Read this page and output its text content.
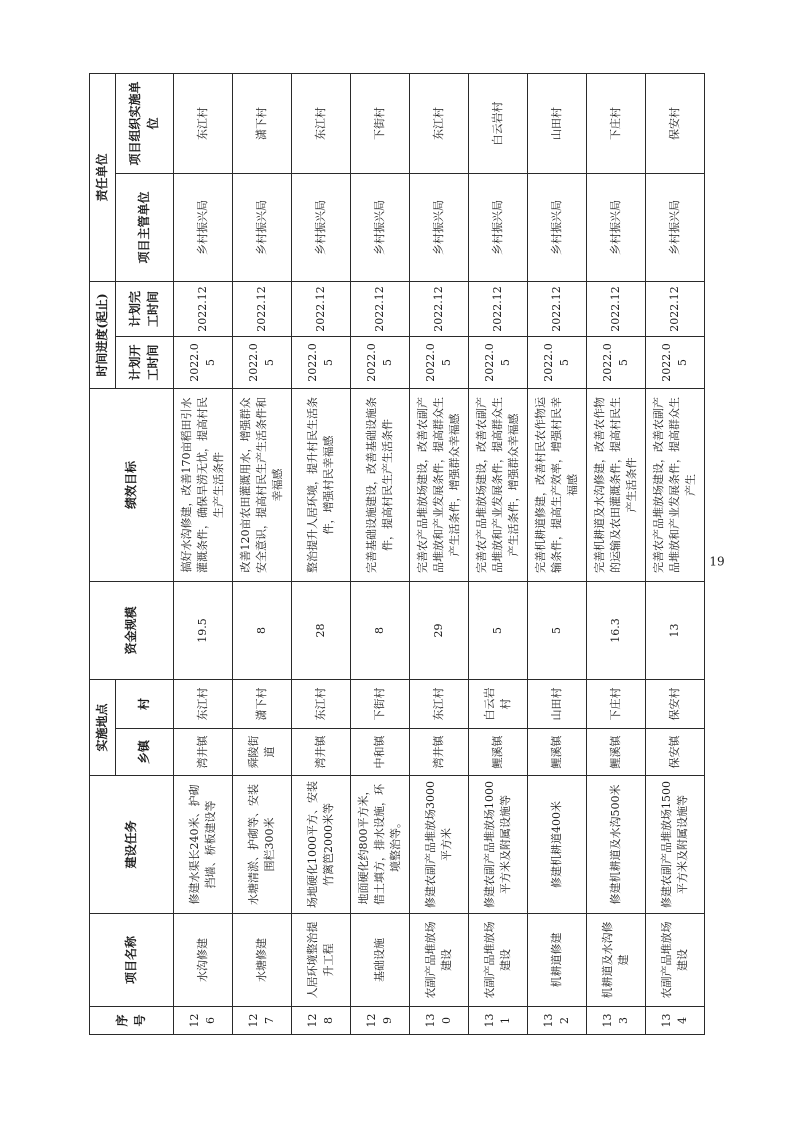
序号	项目名称	建设任务	实施地点		资金规模	绩效目标	时间进度(起止)		责任单位	
			乡镇	村			计划开工时间	计划完工时间	项目主管单位	项目组织实施单位
126	水沟修建	修建水渠长240米、护砌挡墙、桥板建设等	湾井镇	东江村	19.5	搞好水沟修建，改善170亩稻田引水灌溉条件，确保旱涝无忧，提高村民生产生活条件	2022.05	2022.12	乡村振兴局	东江村
127	水塘修建	水塘清淤、护砌等、安装围栏300米	舜陵街道	潇下村	8	改善120亩农田灌溉用水，增强群众安全意识，提高村民生产生活条件和幸福感	2022.05	2022.12	乡村振兴局	潇下村
128	人居环境整治提升工程	场地硬化1000平方、安装竹篱笆2000米等	湾井镇	东江村	28	整治提升人居环境，提升村民生活条件，增强村民幸福感	2022.05	2022.12	乡村振兴局	东江村
129	基础设施	地面硬化约800平方米，借土填方，排水设施，环境整治等。	中和镇	下街村	8	完善基础设施建设，改善基础设施条件，提高村民生产生活条件	2022.05	2022.12	乡村振兴局	下街村
130	农副产品堆放场建设	修建农副产品堆放场3000平方米	湾井镇	东江村	29	完善农产品堆放场建设，改善农副产品堆放和产业发展条件，提高群众生产生活条件，增强群众幸福感	2022.05	2022.12	乡村振兴局	东江村
131	农副产品堆放场建设	修建农副产品堆放场1000平方米及附属设施等	鲤溪镇	白云岩村	5	完善农产品堆放场建设，改善农副产品堆放和产业发展条件，提高群众生产生活条件，增强群众幸福感	2022.05	2022.12	乡村振兴局	白云岩村
132	机耕道修建	修建机耕道400米	鲤溪镇	山田村	5	完善机耕道修建，改善村民农作物运输条件，提高生产效率，增强村民幸福感	2022.05	2022.12	乡村振兴局	山田村
133	机耕道及水沟修建	修建机耕道及水沟500米	鲤溪镇	下庄村	16.3	完善机耕道及水沟修建，改善农作物的运输及农田灌溉条件，提高村民生产生活条件	2022.05	2022.12	乡村振兴局	下庄村
134	农副产品堆放场建设	修建农副产品堆放场1500平方米及附属设施等	保安镇	保安村	13	完善农产品堆放场建设，改善农副产品堆放和产业发展条件，提高群众生产生	2022.05	2022.12	乡村振兴局	保安村
19
